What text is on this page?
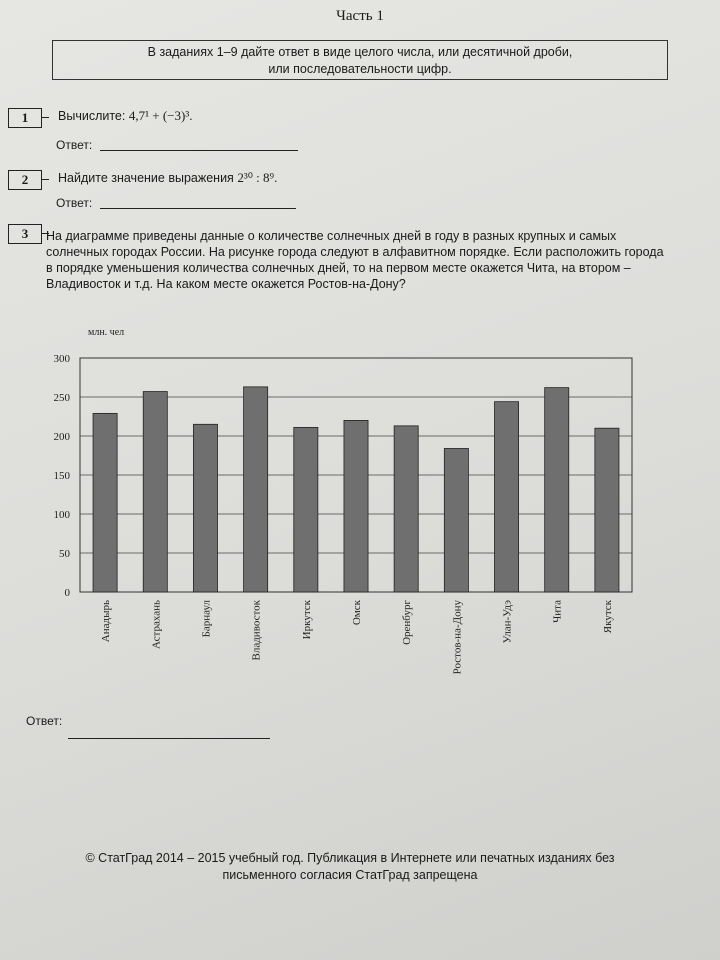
Часть 1
В заданиях 1–9 дайте ответ в виде целого числа, или десятичной дроби,
или последовательности цифр.
1	Вычислите: 4,7¹ + (−3)³.
Ответ:
2	Найдите значение выражения 2³⁰ : 8⁹.
Ответ:
3	На диаграмме приведены данные о количестве солнечных дней в году в разных крупных и самых солнечных городах России. На рисунке города следуют в алфавитном порядке. Если расположить города в порядке уменьшения количества солнечных дней, то на первом месте окажется Чита, на втором – Владивосток и т.д. На каком месте окажется Ростов-на-Дону?
млн. чел
0
50
100
150
200
250
300
Анадырь	Астрахань	Барнаул	Владивосток	Иркутск	Омск	Оренбург	Ростов-на-Дону	Улан-Удэ	Чита	Якутск
Ответ:
© СтатГрад 2014 – 2015 учебный год. Публикация в Интернете или печатных изданиях без
письменного согласия СтатГрад запрещена
